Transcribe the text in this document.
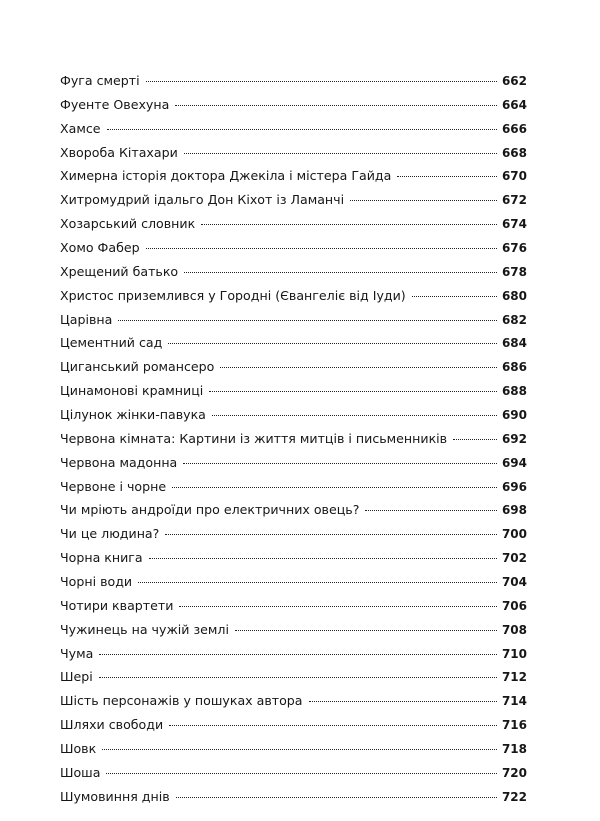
Фуга смерті	662
Фуенте Овехуна	664
Хамсе	666
Хвороба Кітахари	668
Химерна історія доктора Джекіла і містера Гайда	670
Хитромудрий ідальго Дон Кіхот із Ламанчі	672
Хозарський словник	674
Хомо Фабер	676
Хрещений батько	678
Христос приземлився у Городні (Євангеліє від Іуди)	680
Царівна	682
Цементний сад	684
Циганський романсеро	686
Цинамонові крамниці	688
Цілунок жінки-павука	690
Червона кімната: Картини із життя митців і письменників	692
Червона мадонна	694
Червоне і чорне	696
Чи мріють андроїди про електричних овець?	698
Чи це людина?	700
Чорна книга	702
Чорні води	704
Чотири квартети	706
Чужинець на чужій землі	708
Чума	710
Шері	712
Шість персонажів у пошуках автора	714
Шляхи свободи	716
Шовк	718
Шоша	720
Шумовиння днів	722
